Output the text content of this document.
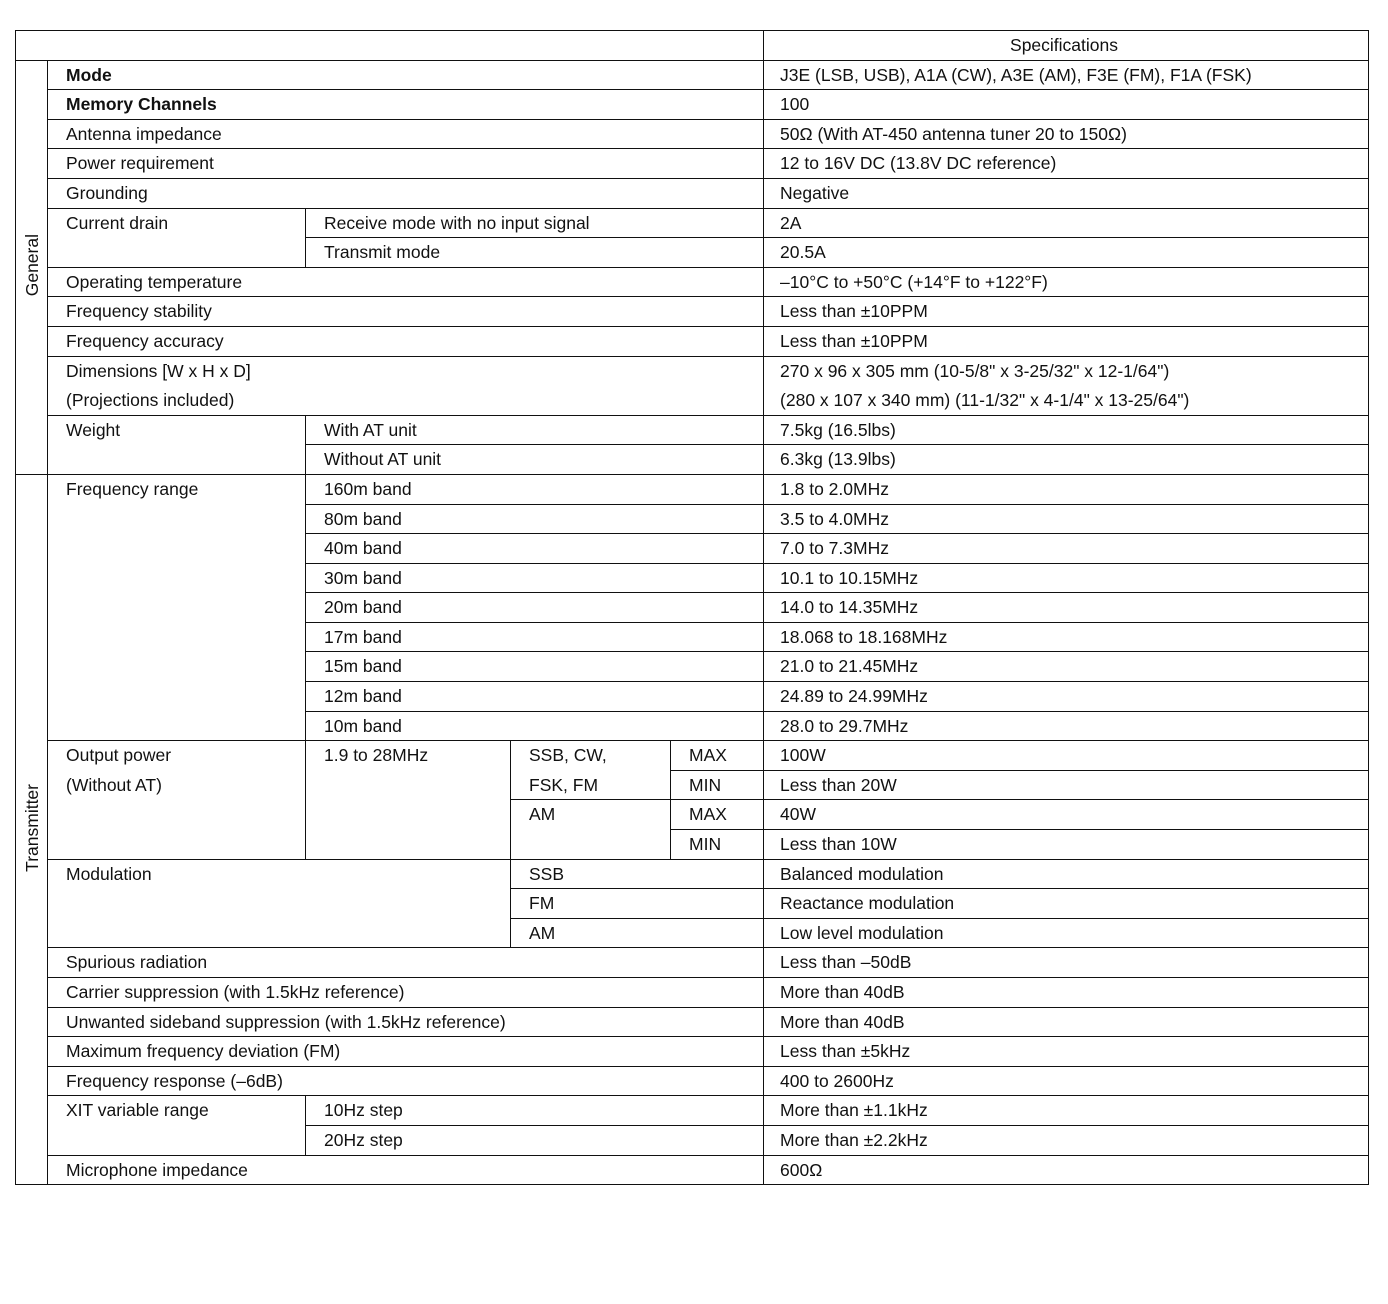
					Specifications
General	Mode				J3E (LSB, USB), A1A (CW), A3E (AM), F3E (FM), F1A (FSK)
	Memory Channels				100
	Antenna impedance				50Ω (With AT-450 antenna tuner 20 to 150Ω)
	Power requirement				12 to 16V DC (13.8V DC reference)
	Grounding				Negative
	Current drain	Receive mode with no input signal			2A
		Transmit mode			20.5A
	Operating temperature				–10°C to +50°C (+14°F to +122°F)
	Frequency stability				Less than ±10PPM
	Frequency accuracy				Less than ±10PPM
	Dimensions [W x H x D]				270 x 96 x 305 mm (10-5/8" x 3-25/32" x 12-1/64")
	(Projections included)				(280 x 107 x 340 mm) (11-1/32" x 4-1/4" x 13-25/64")
	Weight	With AT unit			7.5kg (16.5lbs)
		Without AT unit			6.3kg (13.9lbs)
Transmitter	Frequency range	160m band			1.8 to 2.0MHz
		80m band			3.5 to 4.0MHz
		40m band			7.0 to 7.3MHz
		30m band			10.1 to 10.15MHz
		20m band			14.0 to 14.35MHz
		17m band			18.068 to 18.168MHz
		15m band			21.0 to 21.45MHz
		12m band			24.89 to 24.99MHz
		10m band			28.0 to 29.7MHz
	Output power	1.9 to 28MHz	SSB, CW,	MAX	100W
	(Without AT)		FSK, FM	MIN	Less than 20W
			AM	MAX	40W
				MIN	Less than 10W
	Modulation		SSB		Balanced modulation
			FM		Reactance modulation
			AM		Low level modulation
	Spurious radiation				Less than –50dB
	Carrier suppression (with 1.5kHz reference)				More than 40dB
	Unwanted sideband suppression (with 1.5kHz reference)				More than 40dB
	Maximum frequency deviation (FM)				Less than ±5kHz
	Frequency response (–6dB)				400 to 2600Hz
	XIT variable range	10Hz step			More than ±1.1kHz
		20Hz step			More than ±2.2kHz
	Microphone impedance				600Ω
